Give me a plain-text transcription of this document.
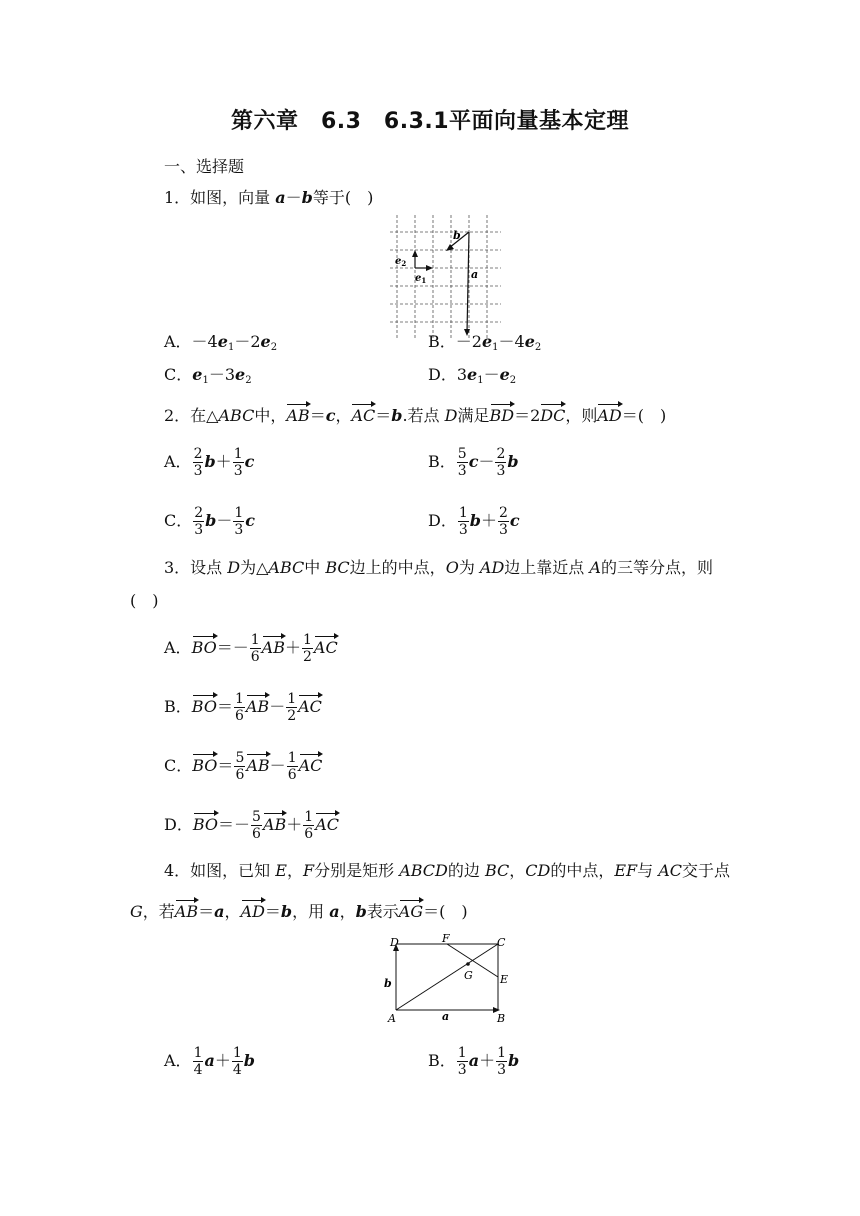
第六章　6.3　6.3.1平面向量基本定理
一、选择题
1．如图，向量 a－b等于(　)
b
a
$e_2$
$e_1$
A．$-4e_1-2e_2$	B．$-2e_1-4e_2$
C．$e_1-3e_2$	D．$3e_1-e_2$
2．在△ABC中，AB＝c，AC＝b.若点 D满足BD＝2DC，则AD＝(　)
A． $\frac{2}{3} b+ \frac{1}{3}$ c	B． $\frac{5}{3} c- \frac{2}{3}$ b
C． $\frac{2}{3} b- \frac{1}{3}$ c	D． $\frac{1}{3} b+ \frac{2}{3}$ c
3．设点 D为△ABC中 BC边上的中点，O为 AD边上靠近点 A的三等分点，则
(　)
A．$BO=- \frac{1}{6} AB+ \frac{1}{2}$ AC
B．$BO= \frac{1}{6} AB- \frac{1}{2}$ AC
C．$BO= \frac{5}{6} AB- \frac{1}{6}$ AC
D．$BO=- \frac{5}{6} AB+ \frac{1}{6}$ AC
4．如图，已知 E，F分别是矩形 ABCD的边 BC，CD的中点，EF与 AC交于点
G，若AB＝a，AD＝b，用 a，b表示AG＝(　)
D	F	C
G E
A	B
a
b
A． $\frac{1}{4} a+ \frac{1}{4}$ b	B． $\frac{1}{3} a+ \frac{1}{3}$ b
